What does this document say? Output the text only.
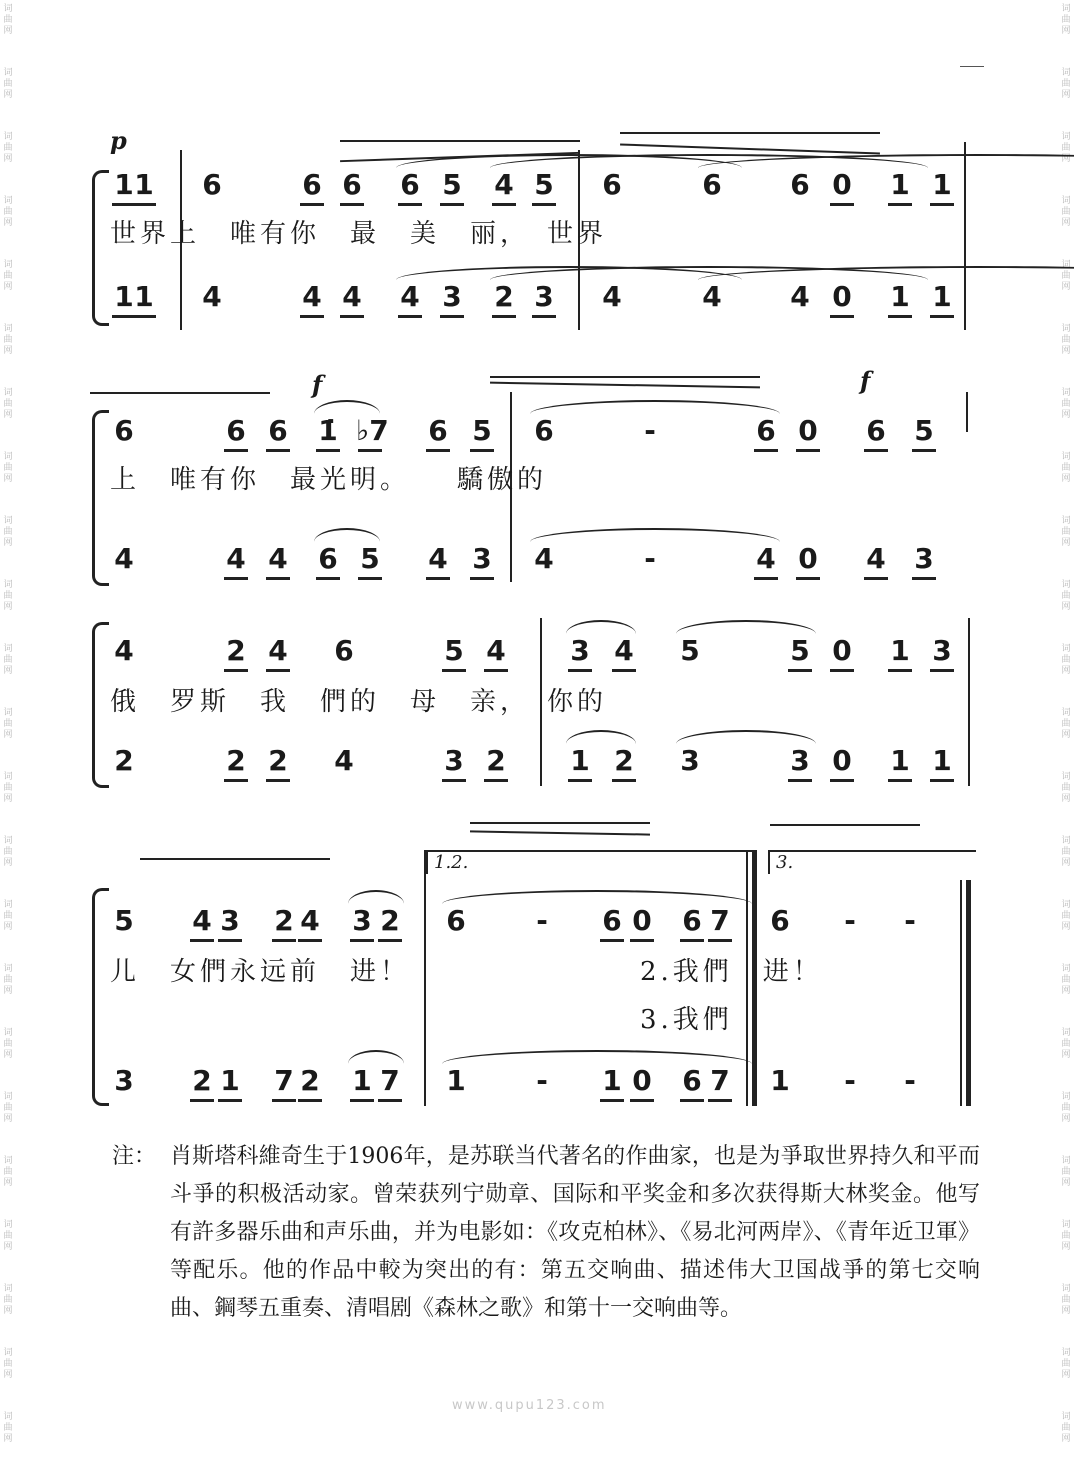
词曲网
词曲网
词曲网
词曲网
词曲网
词曲网
词曲网
词曲网
词曲网
词曲网
词曲网
词曲网
词曲网
词曲网
词曲网
词曲网
词曲网
词曲网
词曲网
词曲网
词曲网
词曲网
词曲网
词曲网
词曲网
词曲网
词曲网
词曲网
词曲网
词曲网
词曲网
词曲网
词曲网
词曲网
词曲网
词曲网
词曲网
词曲网
词曲网
词曲网
词曲网
词曲网
词曲网
词曲网
词曲网
词曲网
p
1 1 6	6 6 6 5 4 5 6	6 6 0 1 1
世界上　唯有你　最　美　丽，　世界
1 1 4	4 4 4 3 2 3 4	4 4 0 1 1
f	f
6	6 6 1̇ ♭7 6 5 6	-	6 0 6 5
上　唯有你　最光明。　　驕傲的
4	4 4 6 5 4 3 4	-	4 0 4 3
4	2 4 6	5 4 3 4 5	5 0 1 3
俄　罗斯　我　們的　母　亲，　你的
2	2 2 4	3 2 1 2 3	3 0 1 1
1.2.	3.
5 4 3 2 4 3 2 6	- 6 0 6 7 6 - -
儿　女們永远前　进！	2.我們　进！
3.我們
3 2 1 7 2 1 7 1	- 1 0 6 7 1 - -
注： 肖斯塔科維奇生于1906年，是苏联当代著名的作曲家，也是为爭取世界持久和平而斗爭的积极活动家。曾荣获列宁勋章、国际和平奖金和多次获得斯大林奖金。他写有許多器乐曲和声乐曲，并为电影如：《攻克柏林》、《易北河两岸》、《青年近卫軍》等配乐。他的作品中較为突出的有：第五交响曲、描述伟大卫国战爭的第七交响曲、鋼琴五重奏、清唱剧《森林之歌》和第十一交响曲等。
www.qupu123.com
